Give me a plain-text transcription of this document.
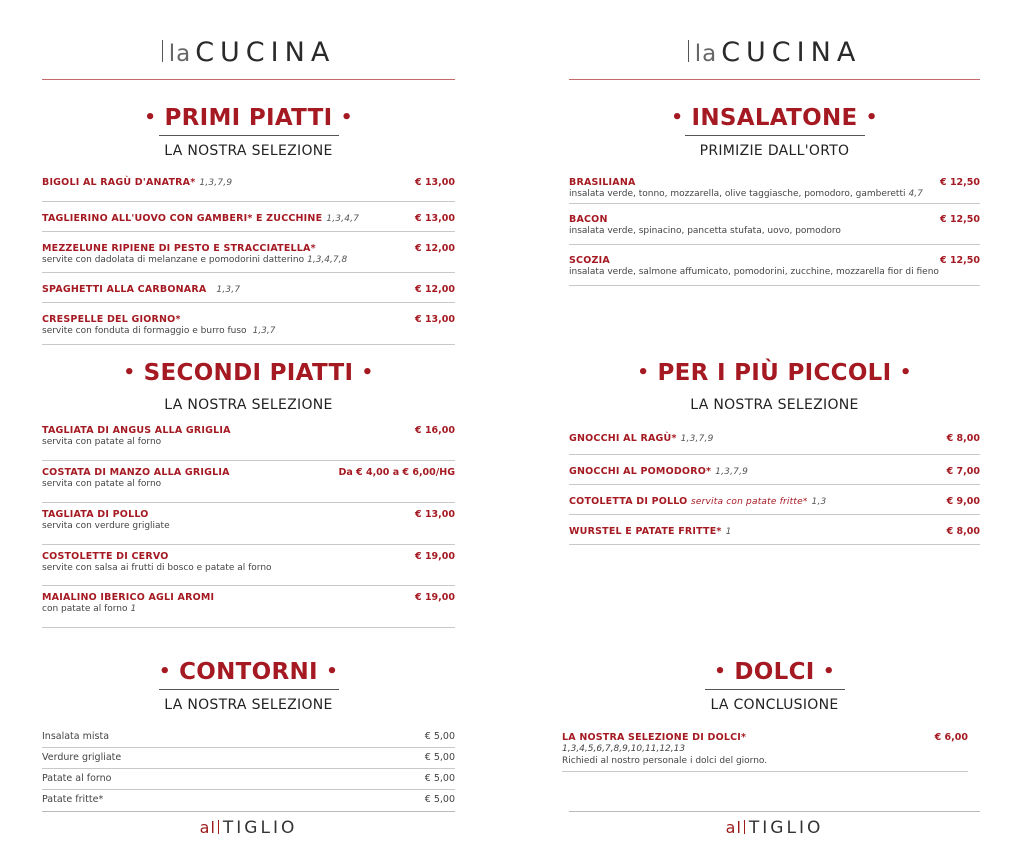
la CUCINA
• PRIMI PIATTI •
LA NOSTRA SELEZIONE
BIGOLI AL RAGÙ D'ANATRA* 1,3,7,9	€ 13,00
TAGLIERINO ALL'UOVO CON GAMBERI* E ZUCCHINE 1,3,4,7	€ 13,00
MEZZELUNE RIPIENE DI PESTO E STRACCIATELLA*	€ 12,00
servite con dadolata di melanzane e pomodorini datterino 1,3,4,7,8
SPAGHETTI ALLA CARBONARA 1,3,7	€ 12,00
CRESPELLE DEL GIORNO*	€ 13,00
servite con fonduta di formaggio e burro fuso 1,3,7
• SECONDI PIATTI •
LA NOSTRA SELEZIONE
TAGLIATA DI ANGUS ALLA GRIGLIA	€ 16,00
servita con patate al forno
COSTATA DI MANZO ALLA GRIGLIA	Da € 4,00 a € 6,00/HG
servita con patate al forno
TAGLIATA DI POLLO	€ 13,00
servita con verdure grigliate
COSTOLETTE DI CERVO	€ 19,00
servite con salsa ai frutti di bosco e patate al forno
MAIALINO IBERICO AGLI AROMI	€ 19,00
con patate al forno 1
• CONTORNI •
LA NOSTRA SELEZIONE
Insalata mista	€ 5,00
Verdure grigliate	€ 5,00
Patate al forno	€ 5,00
Patate fritte*	€ 5,00
al TIGLIO
la CUCINA
• INSALATONE •
PRIMIZIE DALL'ORTO
BRASILIANA	€ 12,50
insalata verde, tonno, mozzarella, olive taggiasche, pomodoro, gamberetti 4,7
BACON	€ 12,50
insalata verde, spinacino, pancetta stufata, uovo, pomodoro
SCOZIA	€ 12,50
insalata verde, salmone affumicato, pomodorini, zucchine, mozzarella fior di fieno
• PER I PIÙ PICCOLI •
LA NOSTRA SELEZIONE
GNOCCHI AL RAGÙ* 1,3,7,9	€ 8,00
GNOCCHI AL POMODORO* 1,3,7,9	€ 7,00
COTOLETTA DI POLLO servita con patate fritte* 1,3	€ 9,00
WURSTEL E PATATE FRITTE* 1	€ 8,00
• DOLCI •
LA CONCLUSIONE
LA NOSTRA SELEZIONE DI DOLCI*	€ 6,00
1,3,4,5,6,7,8,9,10,11,12,13
Richiedi al nostro personale i dolci del giorno.
al TIGLIO
